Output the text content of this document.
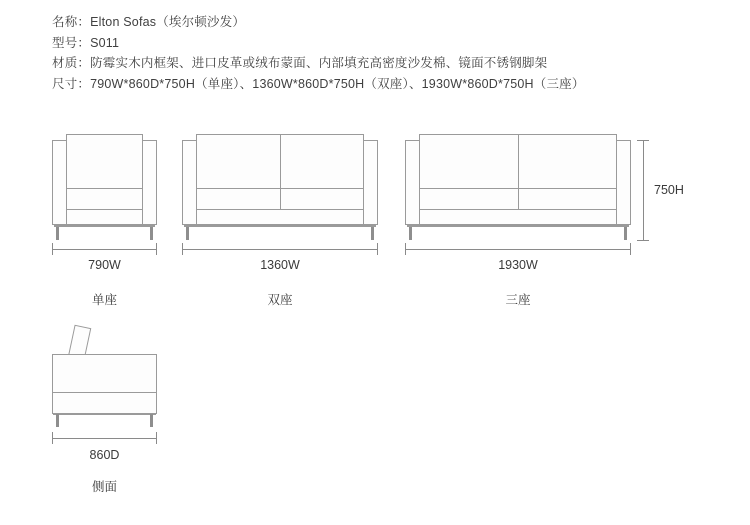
名称：Elton Sofas（埃尔顿沙发）
型号：S011
材质：防霉实木内框架、进口皮革或绒布蒙面、内部填充高密度沙发棉、镜面不锈钢脚架
尺寸：790W*860D*750H（单座）、1360W*860D*750H（双座）、1930W*860D*750H（三座）
790W
单座
1360W
双座
1930W
三座
750H
860D
侧面
